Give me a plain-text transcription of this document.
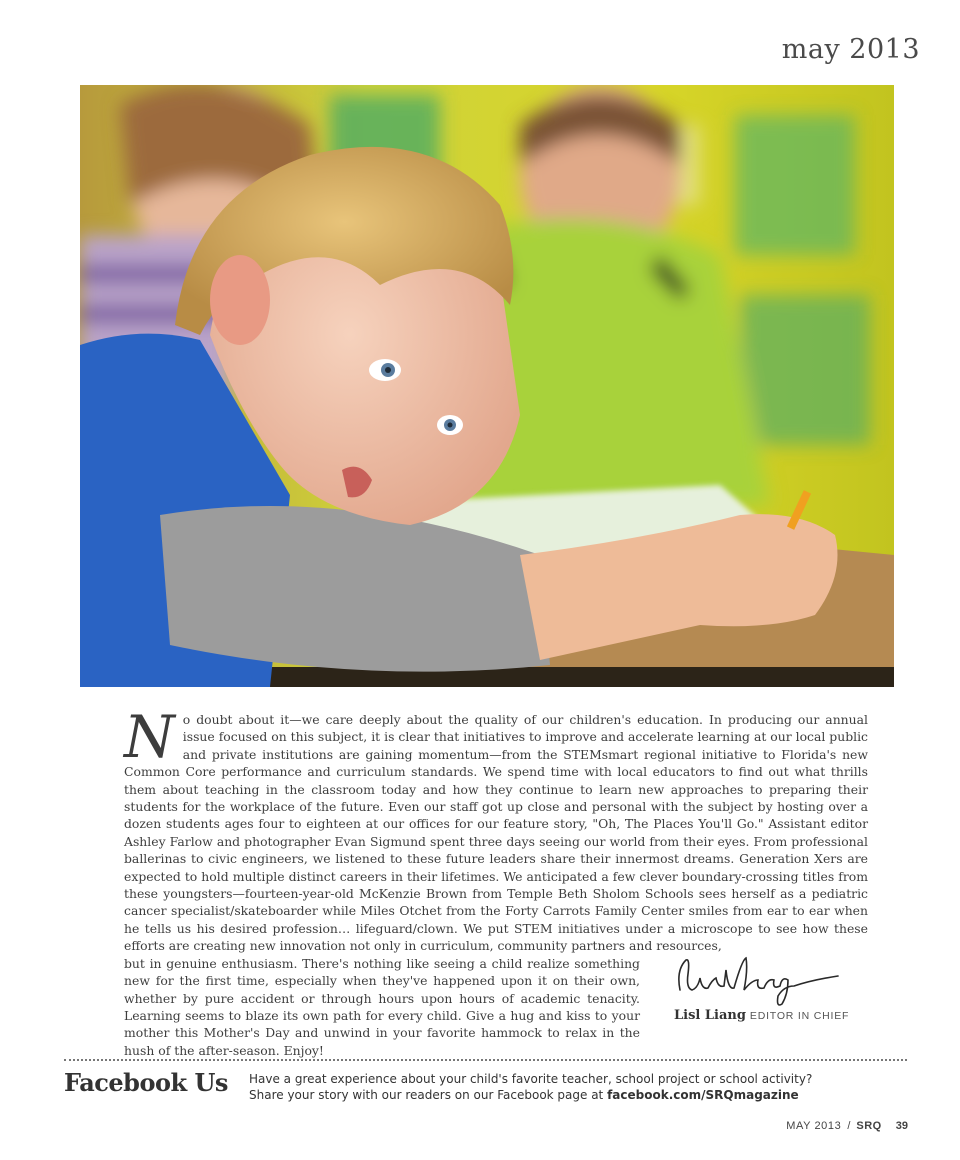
may 2013
N o doubt about it—we care deeply about the quality of our children's education. In producing our annual issue focused on this subject, it is clear that initiatives to improve and accelerate learning at our local public and private institutions are gaining momentum—from the STEMsmart regional initiative to Florida's new Common Core performance and curriculum standards. We spend time with local educators to find out what thrills them about teaching in the classroom today and how they continue to learn new approaches to preparing their students for the workplace of the future. Even our staff got up close and personal with the subject by hosting over a dozen students ages four to eighteen at our offices for our feature story, "Oh, The Places You'll Go." Assistant editor Ashley Farlow and photographer Evan Sigmund spent three days seeing our world from their eyes. From professional ballerinas to civic engineers, we listened to these future leaders share their innermost dreams. Generation Xers are expected to hold multiple distinct careers in their lifetimes. We anticipated a few clever boundary-crossing titles from these youngsters—fourteen-year-old McKenzie Brown from Temple Beth Sholom Schools sees herself as a pediatric cancer specialist/skateboarder while Miles Otchet from the Forty Carrots Family Center smiles from ear to ear when he tells us his desired profession… lifeguard/clown. We put STEM initiatives under a microscope to see how these efforts are creating new innovation not only in curriculum, community partners and resources,

but in genuine enthusiasm. There's nothing like seeing a child realize something new for the first time, especially when they've happened upon it on their own, whether by pure accident or through hours upon hours of academic tenacity. Learning seems to blaze its own path for every child. Give a hug and kiss to your mother this Mother's Day and unwind in your favorite hammock to relax in the hush of the after-season. Enjoy!

Lisl Liang EDITOR IN CHIEF
Facebook Us Have a great experience about your child's favorite teacher, school project or school activity?
Share your story with our readers on our Facebook page at facebook.com/SRQmagazine
MAY 2013 / SRQ 39
